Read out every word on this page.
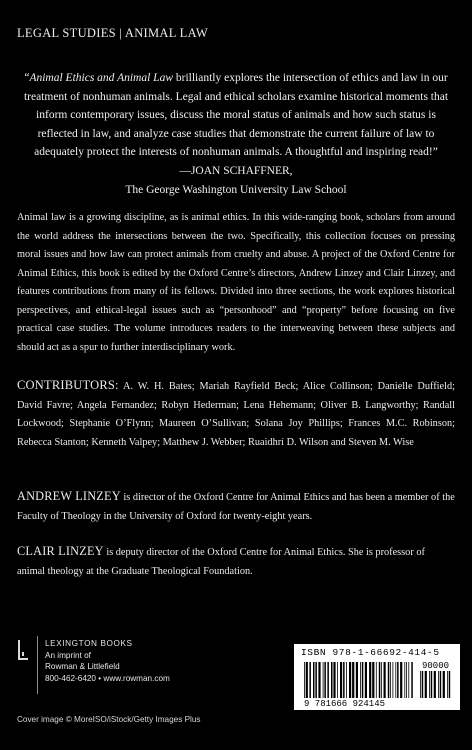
LEGAL STUDIES | ANIMAL LAW
“Animal Ethics and Animal Law brilliantly explores the intersection of ethics and law in our treatment of nonhuman animals. Legal and ethical scholars examine historical moments that inform contemporary issues, discuss the moral status of animals and how such status is reflected in law, and analyze case studies that demonstrate the current failure of law to adequately protect the interests of nonhuman animals. A thoughtful and inspiring read!”
—JOAN SCHAFFNER,
The George Washington University Law School
Animal law is a growing discipline, as is animal ethics. In this wide-ranging book, scholars from around the world address the intersections between the two. Specifically, this collection focuses on pressing moral issues and how law can protect animals from cruelty and abuse. A project of the Oxford Centre for Animal Ethics, this book is edited by the Oxford Centre’s directors, Andrew Linzey and Clair Linzey, and features contributions from many of its fellows. Divided into three sections, the work explores historical perspectives, and ethical-legal issues such as “personhood” and “property” before focusing on five practical case studies. The volume introduces readers to the interweaving between these subjects and should act as a spur to further interdisciplinary work.
CONTRIBUTORS: A. W. H. Bates; Mariah Rayfield Beck; Alice Collinson; Danielle Duffield; David Favre; Angela Fernandez; Robyn Hederman; Lena Hehemann; Oliver B. Langworthy; Randall Lockwood; Stephanie O’Flynn; Maureen O’Sullivan; Solana Joy Phillips; Frances M.C. Robinson; Rebecca Stanton; Kenneth Valpey; Matthew J. Webber; Ruaidhrí D. Wilson and Steven M. Wise
ANDREW LINZEY is director of the Oxford Centre for Animal Ethics and has been a member of the Faculty of Theology in the University of Oxford for twenty-eight years.
CLAIR LINZEY is deputy director of the Oxford Centre for Animal Ethics. She is professor of animal theology at the Graduate Theological Foundation.
LEXINGTON BOOKS
An imprint of
Rowman & Littlefield
800-462-6420 • www.rowman.com
ISBN 978-1-66692-414-5
9 781666 924145
90000
Cover image © MoreISO/iStock/Getty Images Plus
